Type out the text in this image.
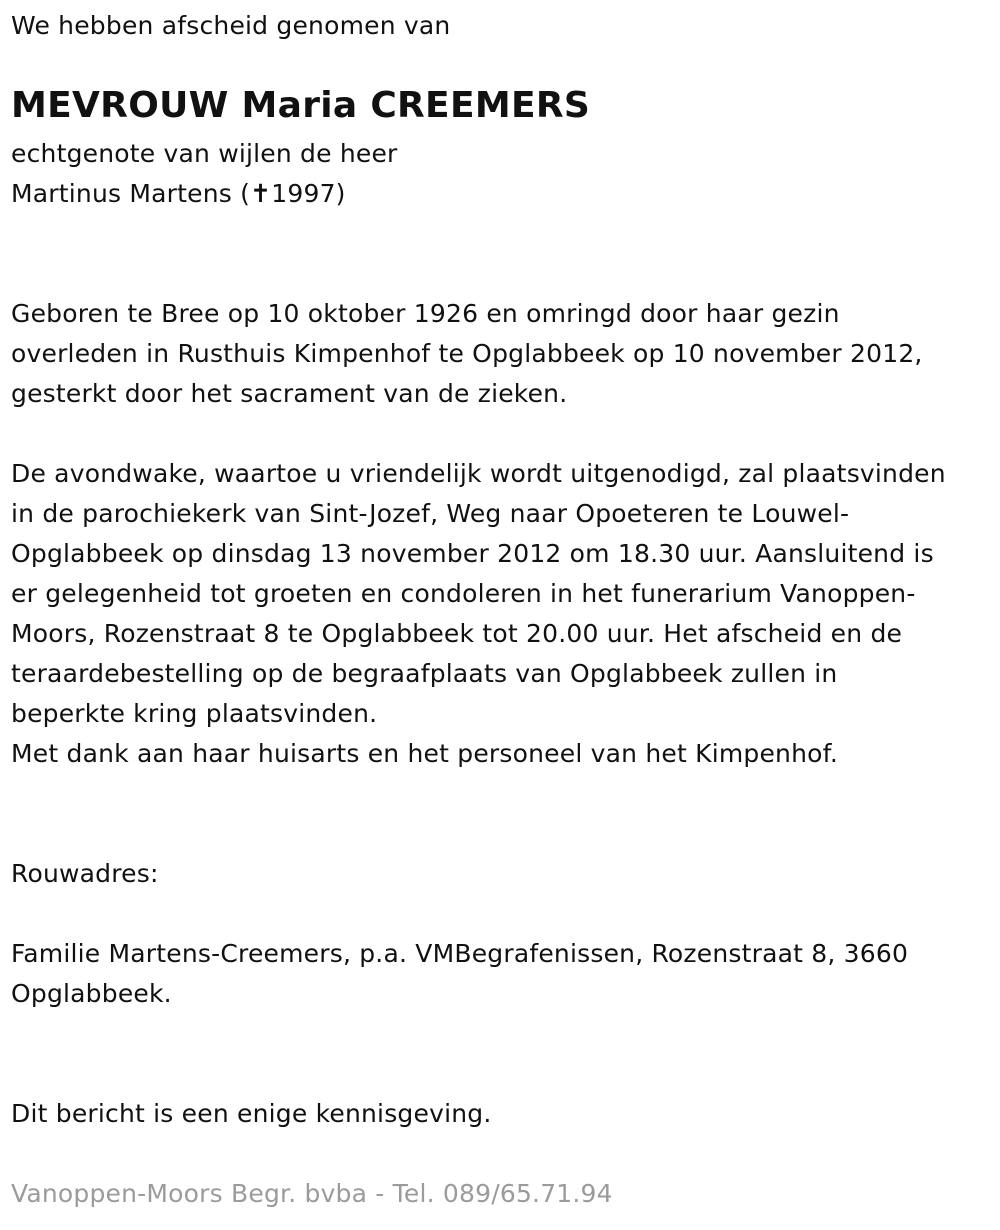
We hebben afscheid genomen van
MEVROUW Maria CREEMERS
echtgenote van wijlen de heer
Martinus Martens (✝1997)
Geboren te Bree op 10 oktober 1926 en omringd door haar gezin
overleden in Rusthuis Kimpenhof te Opglabbeek op 10 november 2012,
gesterkt door het sacrament van de zieken.
De avondwake, waartoe u vriendelijk wordt uitgenodigd, zal plaatsvinden
in de parochiekerk van Sint-Jozef, Weg naar Opoeteren te Louwel-
Opglabbeek op dinsdag 13 november 2012 om 18.30 uur. Aansluitend is
er gelegenheid tot groeten en condoleren in het funerarium Vanoppen-
Moors, Rozenstraat 8 te Opglabbeek tot 20.00 uur. Het afscheid en de
teraardebestelling op de begraafplaats van Opglabbeek zullen in
beperkte kring plaatsvinden.
Met dank aan haar huisarts en het personeel van het Kimpenhof.
Rouwadres:
Familie Martens-Creemers, p.a. VMBegrafenissen, Rozenstraat 8, 3660
Opglabbeek.
Dit bericht is een enige kennisgeving.
Vanoppen-Moors Begr. bvba - Tel. 089/65.71.94
